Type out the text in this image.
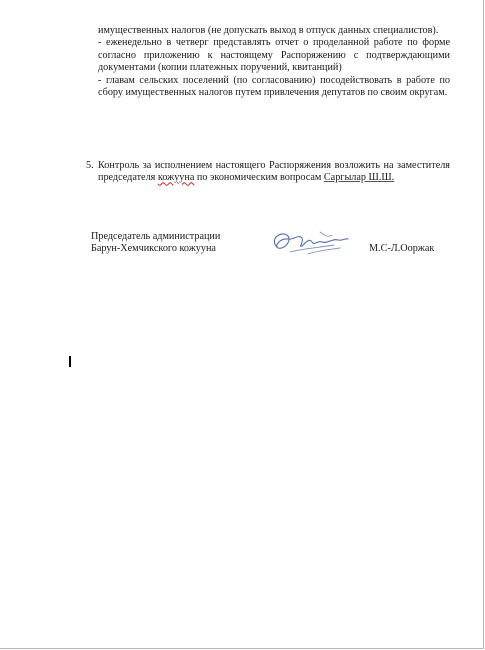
имущественных налогов (не допускать выход в отпуск данных специалистов).

- еженедельно в четверг представлять отчет о проделанной работе по форме согласно приложению к настоящему Распоряжению с подтверждающими документами (копии платежных поручений, квитанций)

- главам сельских поселений (по согласованию) посодействовать в работе по сбору имущественных налогов путем привлечения депутатов по своим округам.

5. Контроль за исполнением настоящего Распоряжения возложить на заместителя председателя кожууна по экономическим вопросам Саргылар Ш.Ш.
Председатель администрации
Барун-Хемчикского кожууна	М.С-Л.Ооржак
